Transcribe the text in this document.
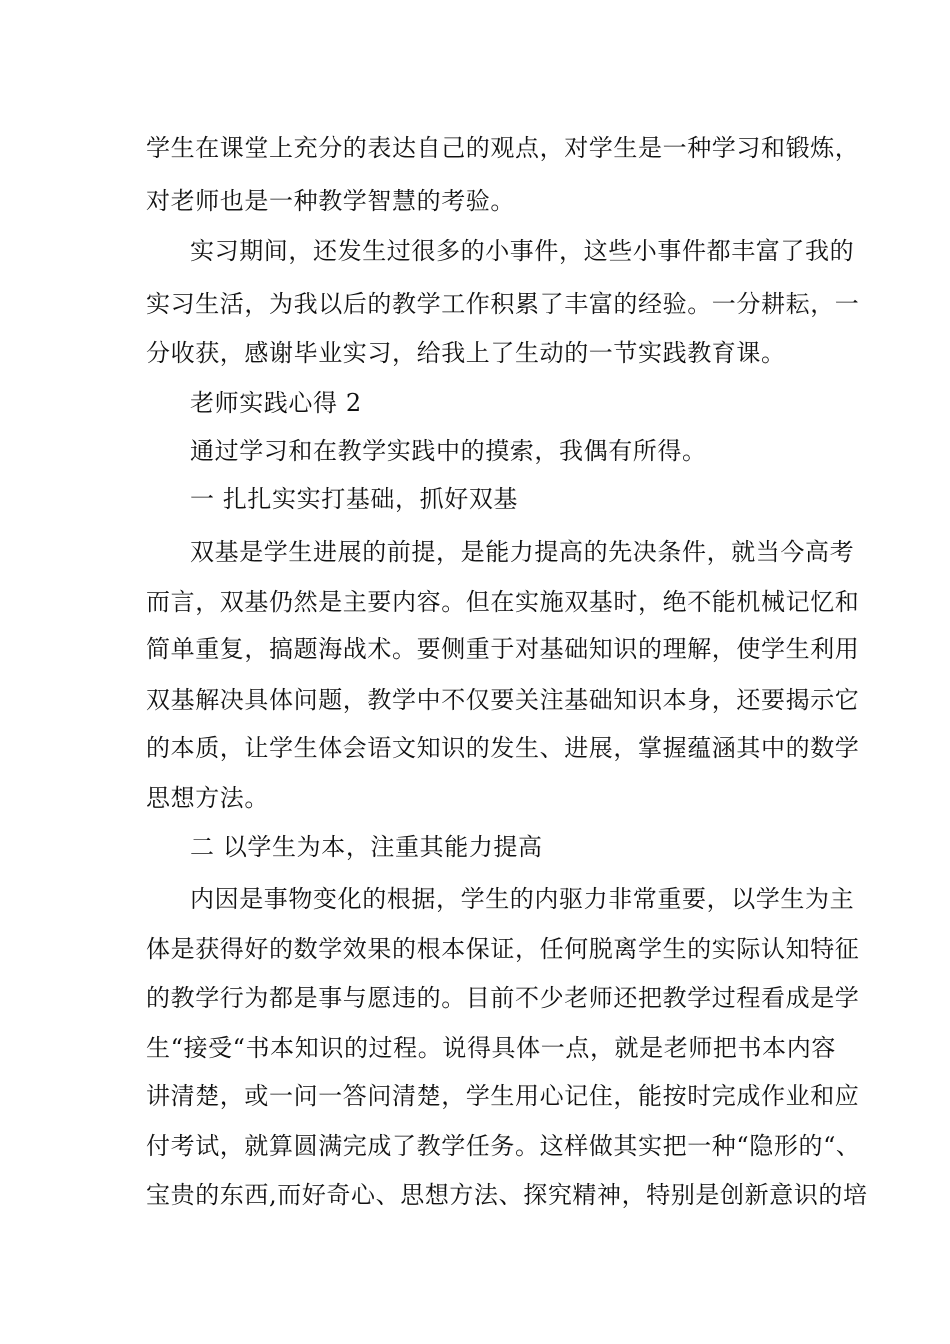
学生在课堂上充分的表达自己的观点，对学生是一种学习和锻炼，
对老师也是一种教学智慧的考验。
实习期间，还发生过很多的小事件，这些小事件都丰富了我的
实习生活，为我以后的教学工作积累了丰富的经验。一分耕耘，一
分收获，感谢毕业实习，给我上了生动的一节实践教育课。
老师实践心得 2
通过学习和在教学实践中的摸索，我偶有所得。
一 扎扎实实打基础，抓好双基
双基是学生进展的前提，是能力提高的先决条件，就当今高考
而言，双基仍然是主要内容。但在实施双基时，绝不能机械记忆和
简单重复，搞题海战术。要侧重于对基础知识的理解，使学生利用
双基解决具体问题，教学中不仅要关注基础知识本身，还要揭示它
的本质，让学生体会语文知识的发生、进展，掌握蕴涵其中的数学
思想方法。
二 以学生为本，注重其能力提高
内因是事物变化的根据，学生的内驱力非常重要，以学生为主
体是获得好的数学效果的根本保证，任何脱离学生的实际认知特征
的教学行为都是事与愿违的。目前不少老师还把教学过程看成是学
生“接受“书本知识的过程。说得具体一点，就是老师把书本内容
讲清楚，或一问一答问清楚，学生用心记住，能按时完成作业和应
付考试，就算圆满完成了教学任务。这样做其实把一种“隐形的“、
宝贵的东西,而好奇心、思想方法、探究精神，特别是创新意识的培
